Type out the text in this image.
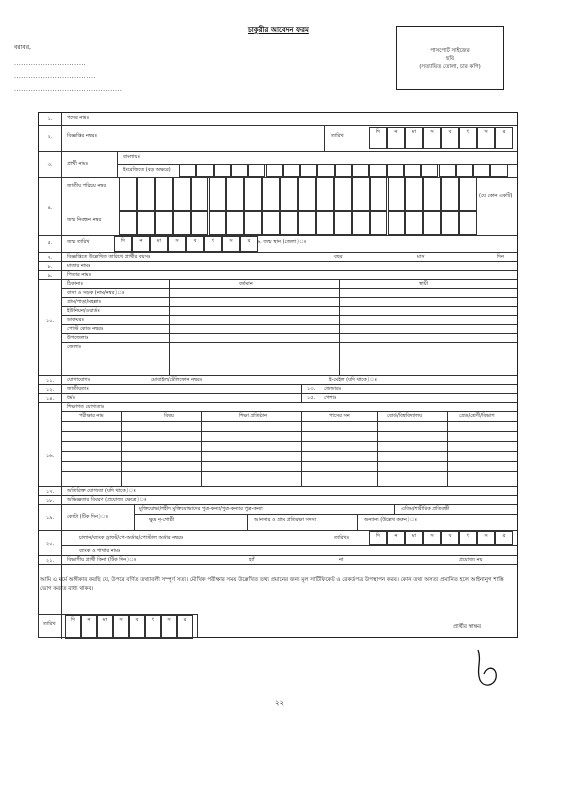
চাকুরীর আবেদন ফরম
বরাবর,
..............................
..................................
.............................................
পাসপোর্ট সাইজের
ছবি
(সত্যায়িত তোলা, চার কপি)
১.	পদের নামঃ
২.	বিজ্ঞপ্তির নম্বরঃ	তারিখ
দি	ন	মা	স	ব	ৎ	স	র
৩.	প্রার্থী নামঃ
বাংলায়ঃ
ইংরেজিতে (বড় অক্ষরে)
৪.
জাতীয় পরিচয় নম্বর
জন্ম নিবন্ধন নম্বর
(যে কোন একটি)
৫.	জন্ম তারিখ	দি	ন	মা	স	ব	ৎ	স	র	৬. জন্ম স্থান (জেলা)ঃ
৭.	বিজ্ঞপ্তিতে উল্লেখিত তারিখে প্রার্থীর বয়সঃ	বছর	মাস	দিন
৮.	মাতার নামঃ
৯.	পিতার নামঃ
১০.
ঠিকানাঃ	বর্তমান	স্থায়ী
বাসা ও সড়ক (নাম/নম্বর)ঃ
গ্রাম/পাড়া/মহল্লাঃ
ইউনিয়ন/ওয়ার্ডঃ
ডাকঘরঃ
পোস্ট কোড নম্বরঃ
উপজেলাঃ
জেলাঃ
১১.	যোগাযোগঃ	মোবাইল/টেলিফোন নম্বরঃ	ই-মেইল (যদি থাকে)ঃ
১২.	জাতীয়তাঃ	১৩. জেন্ডারঃ
১৪.	ধর্মঃ	১৫. পেশাঃ
১৬.
শিক্ষাগত যোগ্যতাঃ
পরীক্ষার নাম	বিষয়	শিক্ষা প্রতিষ্ঠান	পাসের সন	বোর্ড/বিশ্ববিদ্যালয়	গ্রেড/শ্রেণী/বিভাগ
১৭.	অতিরিক্ত যোগ্যতা (যদি থাকে)ঃ
১৮.	অভিজ্ঞতার বিবরণ (প্রযোজ্য ক্ষেত্রে)ঃ
১৯.	কোটা (টিক দিন)ঃ
মুক্তিযোদ্ধা/শহীদ মুক্তিযোদ্ধাদের পুত্র-কন্যা/পুত্র-কন্যার পুত্র-কন্যা	এতিম/শারীরিক প্রতিবন্ধী
ক্ষুদ্র নৃ-গোষ্ঠী	আনসার ও গ্রাম প্রতিরক্ষা সদস্য	অন্যান্য (উল্লেখ করুন)ঃ
২০.
চালান/ব্যাংক ড্রাফট/পে-অর্ডার/পোস্টাল অর্ডার নম্বরঃ	তারিখঃ	দি	ন	মা	স	ব	ৎ	স	র
ব্যাংক ও শাখার নামঃ
২১.	বিভাগীয় প্রার্থী কিনা (টিক দিন)ঃ	হ্যাঁ	না	প্রযোজ্য নয়
আমি এ মর্মে অঙ্গীকার করছি যে, উপরে বর্ণিত তথ্যাবলী সম্পূর্ণ সত্য। মৌখিক পরীক্ষার সময় উল্লেখিত তথ্য প্রমানের জন্য মূল সার্টিফিকেট ও রেকর্ডপত্র উপস্থাপন করব। কোন তথ্য অসত্য প্রমানিত হলে আইনানুগ শাস্তি ভোগ করতে বাধ্য থাকব।
তারিখ
দি	ন	মা	স	ব	ৎ	স	র
প্রার্থীর স্বাক্ষর
২২
